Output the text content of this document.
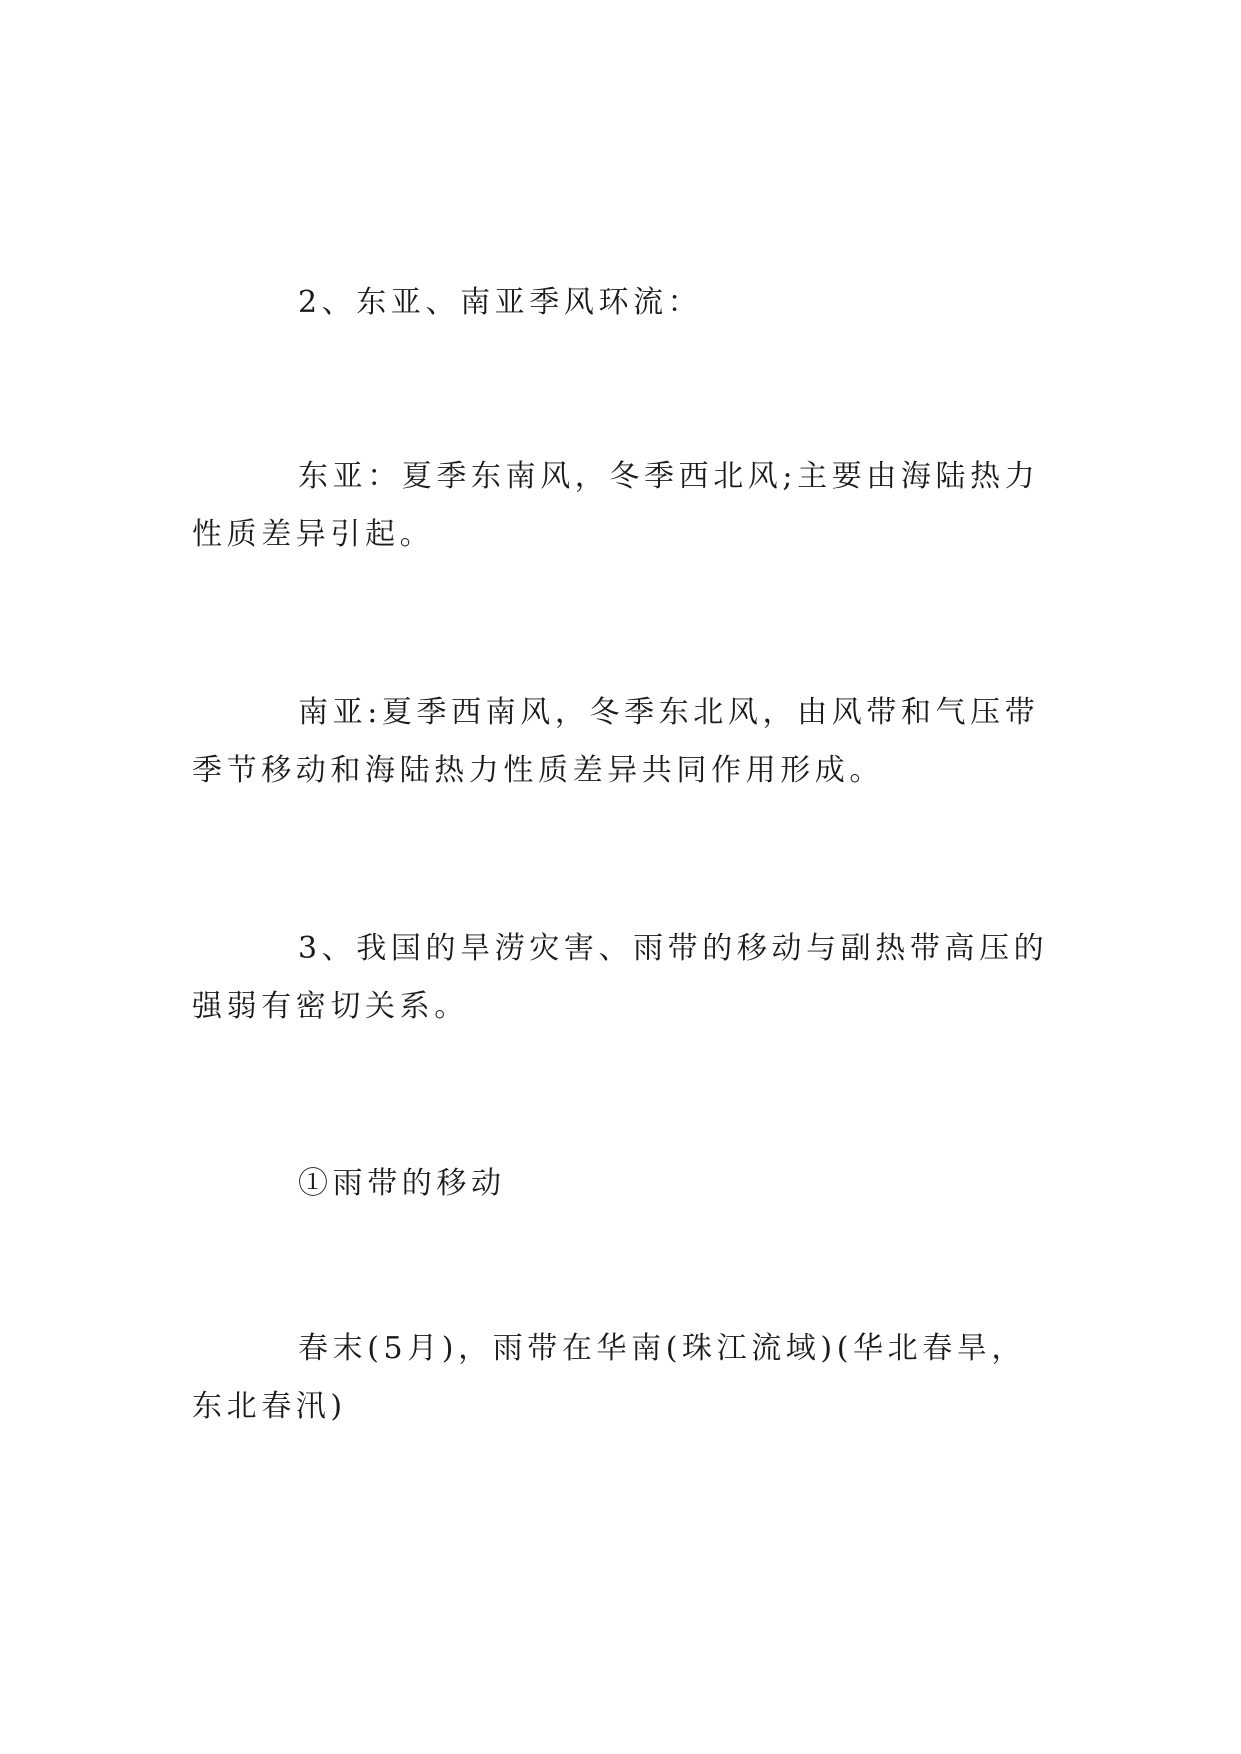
2、东亚、南亚季风环流：

东亚：夏季东南风，冬季西北风;主要由海陆热力性质差异引起。

南亚:夏季西南风，冬季东北风，由风带和气压带季节移动和海陆热力性质差异共同作用形成。

3、我国的旱涝灾害、雨带的移动与副热带高压的强弱有密切关系。

①雨带的移动

春末(5月)，雨带在华南(珠江流域)(华北春旱，东北春汛)
